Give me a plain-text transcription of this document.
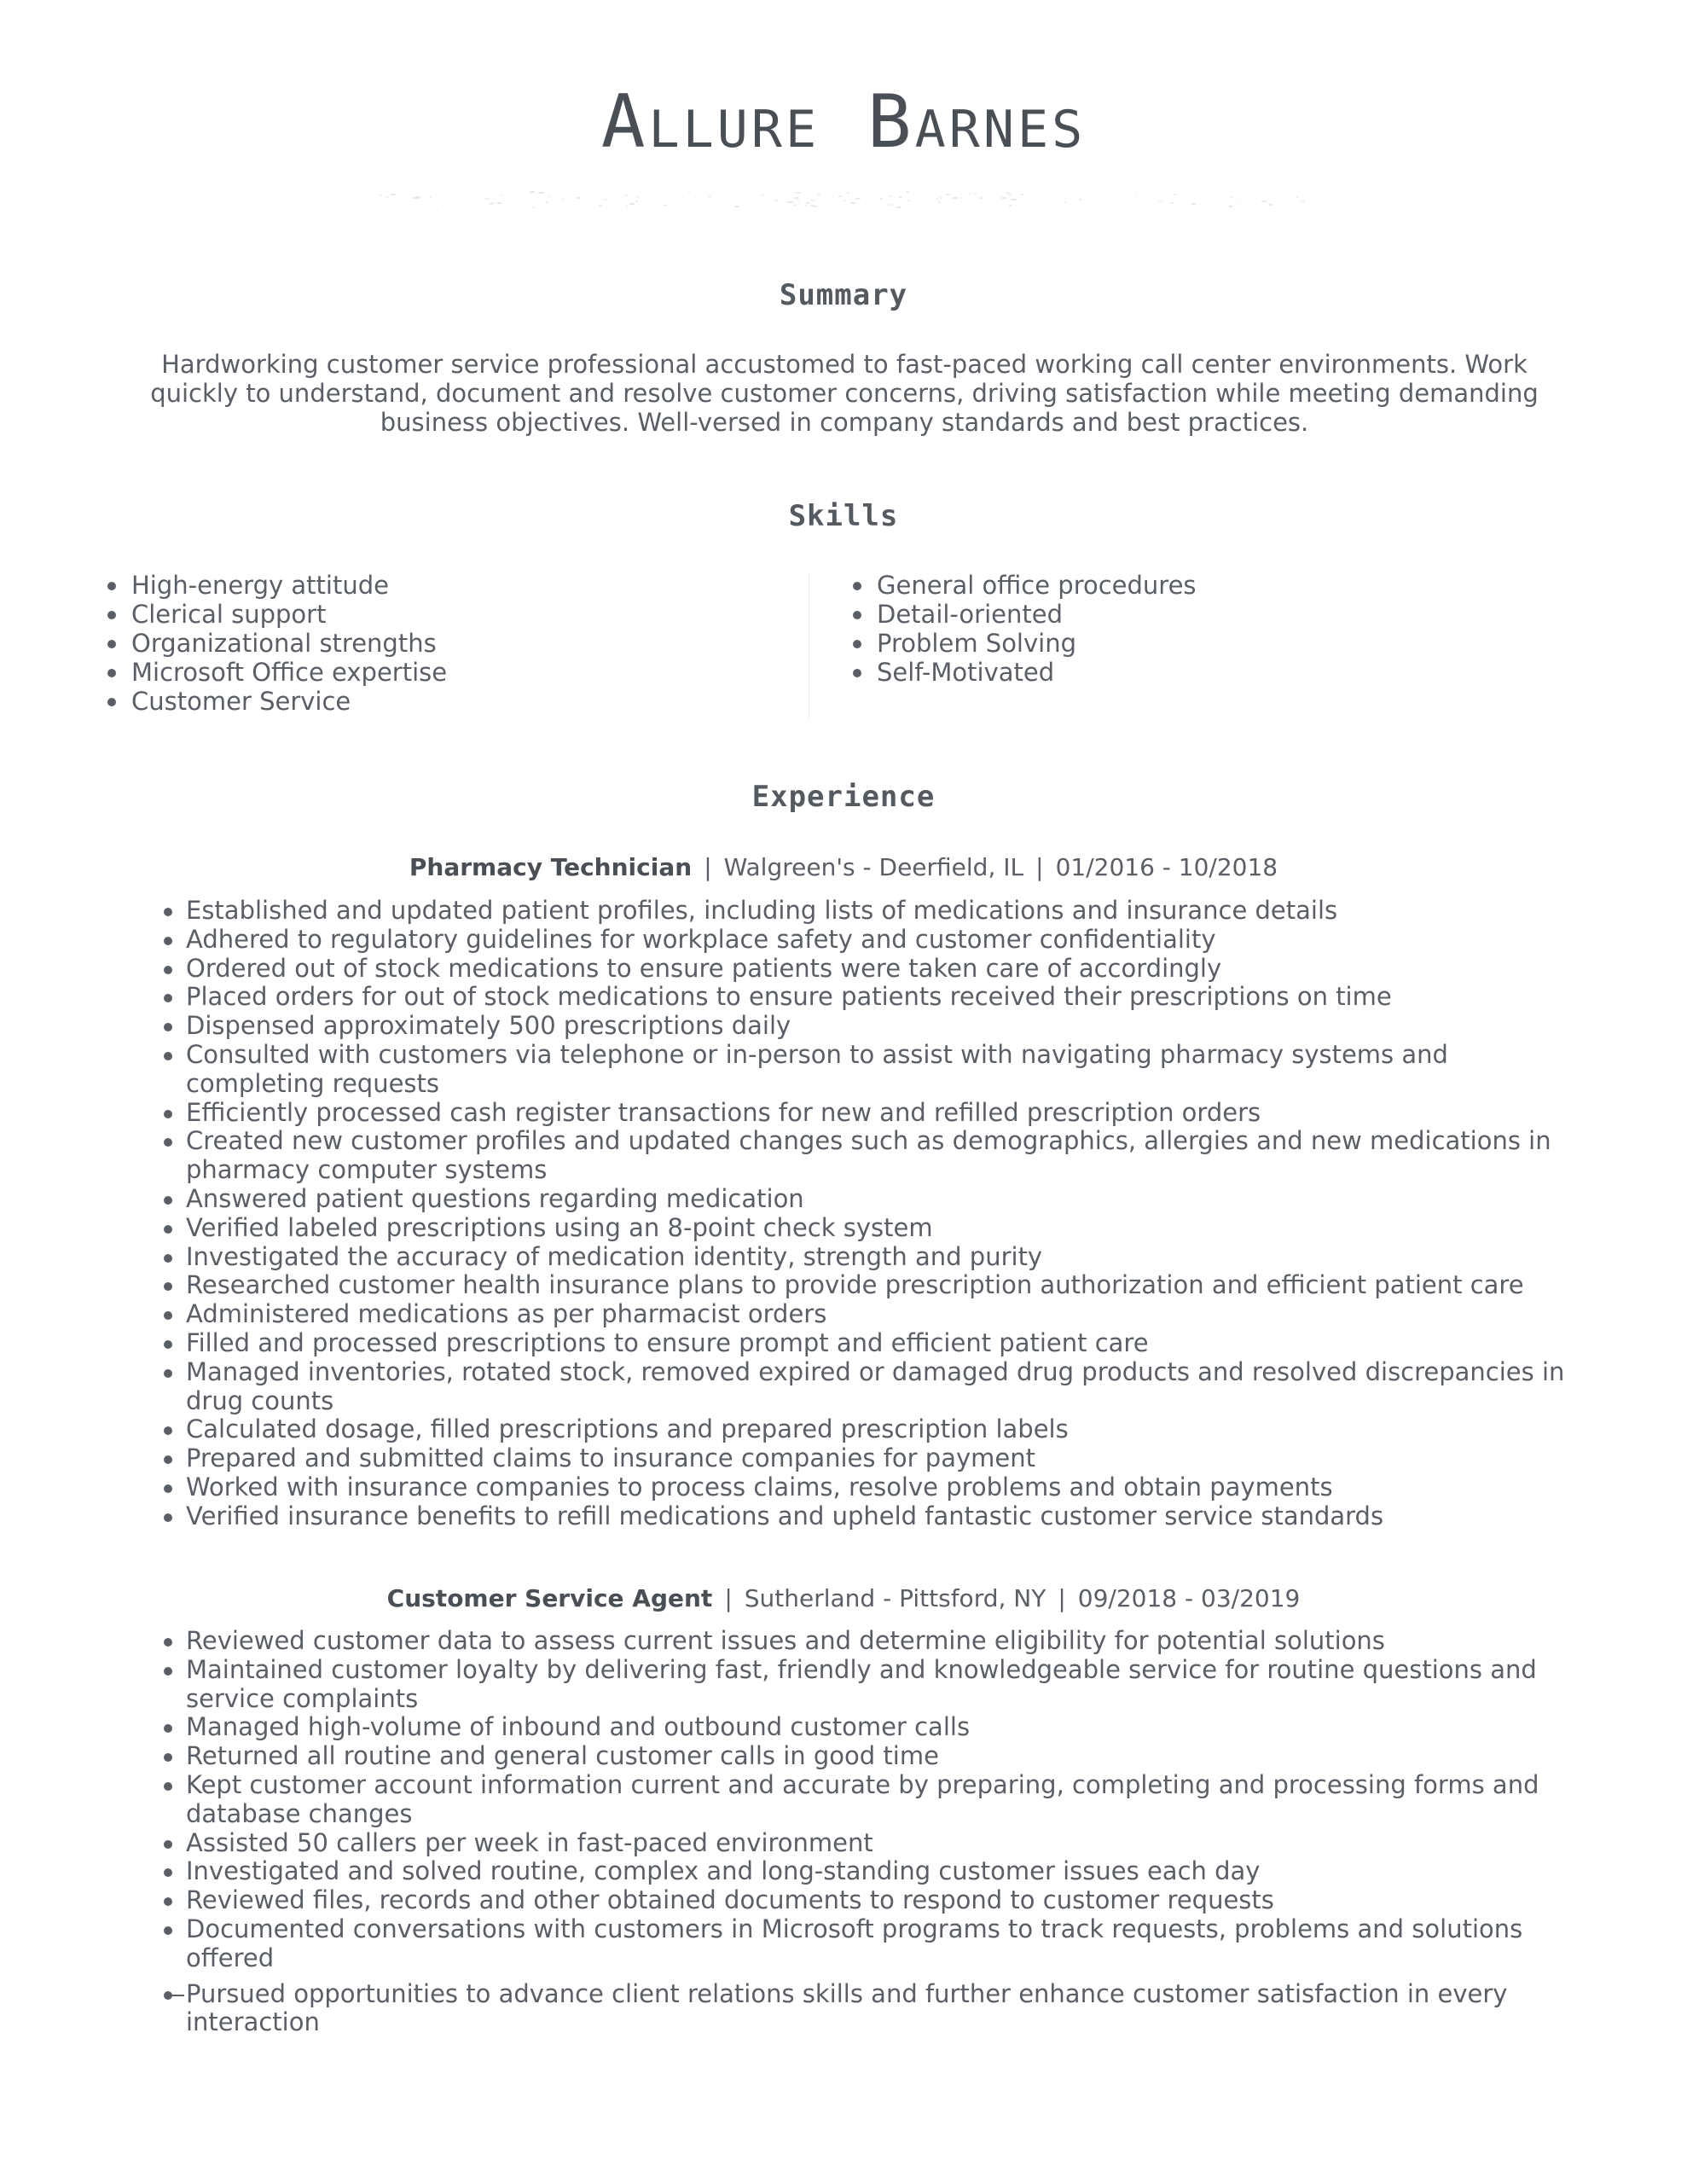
Allure Barnes
Summary
Hardworking customer service professional accustomed to fast-paced working call center environments. Work quickly to understand, document and resolve customer concerns, driving satisfaction while meeting demanding business objectives. Well-versed in company standards and best practices.
Skills
High-energy attitude
Clerical support
Organizational strengths
Microsoft Office expertise
Customer Service
General office procedures
Detail-oriented
Problem Solving
Self-Motivated
Experience
Pharmacy Technician | Walgreen's - Deerfield, IL | 01/2016 - 10/2018
Established and updated patient profiles, including lists of medications and insurance details
Adhered to regulatory guidelines for workplace safety and customer confidentiality
Ordered out of stock medications to ensure patients were taken care of accordingly
Placed orders for out of stock medications to ensure patients received their prescriptions on time
Dispensed approximately 500 prescriptions daily
Consulted with customers via telephone or in-person to assist with navigating pharmacy systems and completing requests
Efficiently processed cash register transactions for new and refilled prescription orders
Created new customer profiles and updated changes such as demographics, allergies and new medications in pharmacy computer systems
Answered patient questions regarding medication
Verified labeled prescriptions using an 8-point check system
Investigated the accuracy of medication identity, strength and purity
Researched customer health insurance plans to provide prescription authorization and efficient patient care
Administered medications as per pharmacist orders
Filled and processed prescriptions to ensure prompt and efficient patient care
Managed inventories, rotated stock, removed expired or damaged drug products and resolved discrepancies in drug counts
Calculated dosage, filled prescriptions and prepared prescription labels
Prepared and submitted claims to insurance companies for payment
Worked with insurance companies to process claims, resolve problems and obtain payments
Verified insurance benefits to refill medications and upheld fantastic customer service standards
Customer Service Agent | Sutherland - Pittsford, NY | 09/2018 - 03/2019
Reviewed customer data to assess current issues and determine eligibility for potential solutions
Maintained customer loyalty by delivering fast, friendly and knowledgeable service for routine questions and service complaints
Managed high-volume of inbound and outbound customer calls
Returned all routine and general customer calls in good time
Kept customer account information current and accurate by preparing, completing and processing forms and database changes
Assisted 50 callers per week in fast-paced environment
Investigated and solved routine, complex and long-standing customer issues each day
Reviewed files, records and other obtained documents to respond to customer requests
Documented conversations with customers in Microsoft programs to track requests, problems and solutions offered
Pursued opportunities to advance client relations skills and further enhance customer satisfaction in every interaction
